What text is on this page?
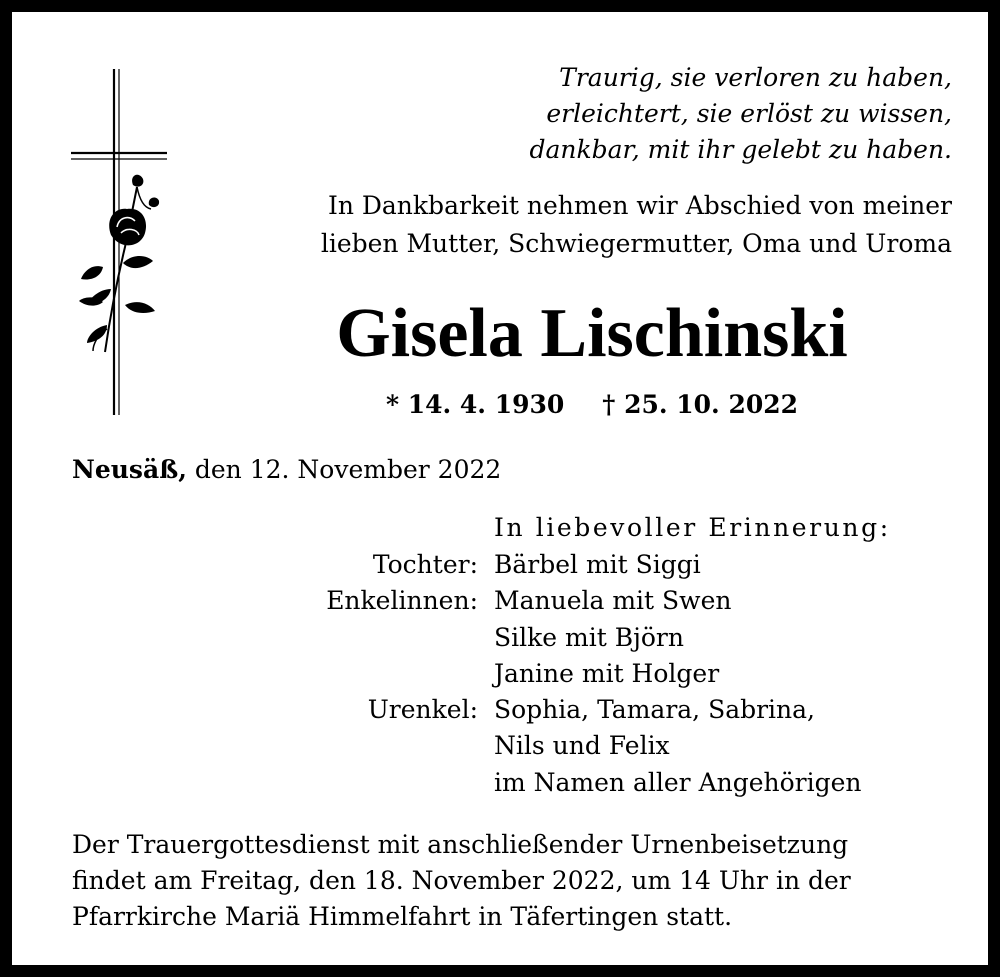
Traurig, sie verloren zu haben,
erleichtert, sie erlöst zu wissen,
dankbar, mit ihr gelebt zu haben.
In Dankbarkeit nehmen wir Abschied von meiner
lieben Mutter, Schwiegermutter, Oma und Uroma
Gisela Lischinski
* 14. 4. 1930 † 25. 10. 2022
Neusäß, den 12. November 2022
In liebevoller Erinnerung:
Tochter: Bärbel mit Siggi
Enkelinnen: Manuela mit Swen
Silke mit Björn
Janine mit Holger
Urenkel: Sophia, Tamara, Sabrina,
Nils und Felix
im Namen aller Angehörigen
Der Trauergottesdienst mit anschließender Urnenbeisetzung
findet am Freitag, den 18. November 2022, um 14 Uhr in der
Pfarrkirche Mariä Himmelfahrt in Täfertingen statt.
